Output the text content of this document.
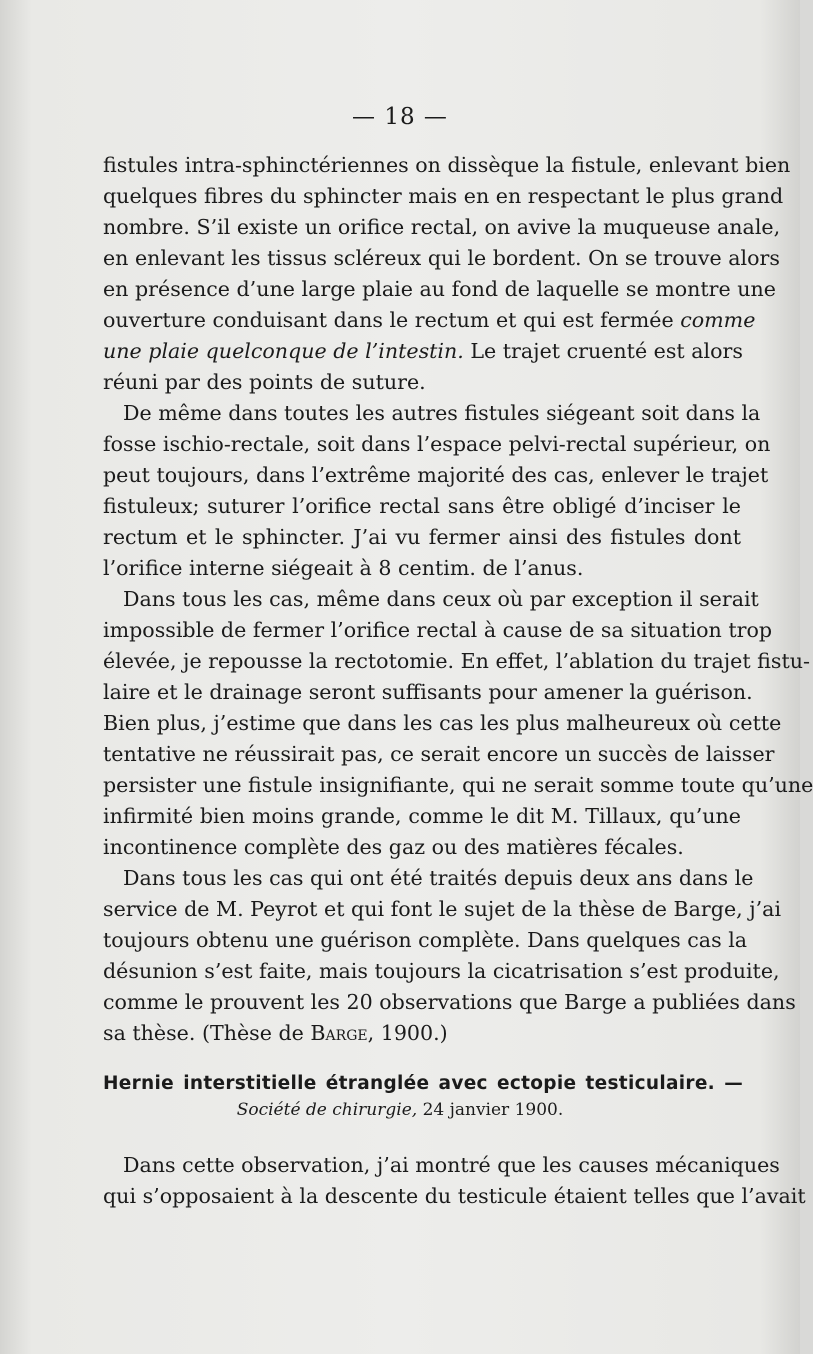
— 18 —
fistules intra-sphinctériennes on dissèque la fistule, enlevant bien
quelques fibres du sphincter mais en en respectant le plus grand
nombre. S’il existe un orifice rectal, on avive la muqueuse anale,
en enlevant les tissus scléreux qui le bordent. On se trouve alors
en présence d’une large plaie au fond de laquelle se montre une
ouverture conduisant dans le rectum et qui est fermée comme
une plaie quelconque de l’intestin. Le trajet cruenté est alors
réuni par des points de suture.
De même dans toutes les autres fistules siégeant soit dans la
fosse ischio-rectale, soit dans l’espace pelvi-rectal supérieur, on
peut toujours, dans l’extrême majorité des cas, enlever le trajet
fistuleux; suturer l’orifice rectal sans être obligé d’inciser le
rectum et le sphincter. J’ai vu fermer ainsi des fistules dont
l’orifice interne siégeait à 8 centim. de l’anus.
Dans tous les cas, même dans ceux où par exception il serait
impossible de fermer l’orifice rectal à cause de sa situation trop
élevée, je repousse la rectotomie. En effet, l’ablation du trajet fistu-
laire et le drainage seront suffisants pour amener la guérison.
Bien plus, j’estime que dans les cas les plus malheureux où cette
tentative ne réussirait pas, ce serait encore un succès de laisser
persister une fistule insignifiante, qui ne serait somme toute qu’une
infirmité bien moins grande, comme le dit M. Tillaux, qu’une
incontinence complète des gaz ou des matières fécales.
Dans tous les cas qui ont été traités depuis deux ans dans le
service de M. Peyrot et qui font le sujet de la thèse de Barge, j’ai
toujours obtenu une guérison complète. Dans quelques cas la
désunion s’est faite, mais toujours la cicatrisation s’est produite,
comme le prouvent les 20 observations que Barge a publiées dans
sa thèse. (Thèse de Barge, 1900.)
Hernie interstitielle étranglée avec ectopie testiculaire. —
Société de chirurgie, 24 janvier 1900.
Dans cette observation, j’ai montré que les causes mécaniques
qui s’opposaient à la descente du testicule étaient telles que l’avait
